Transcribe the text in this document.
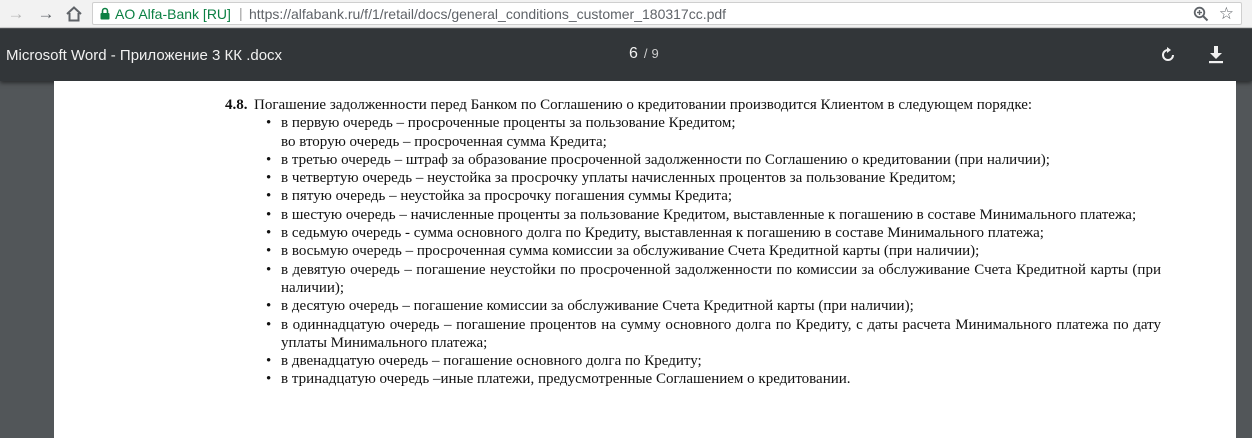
→ ←	AO Alfa-Bank [RU] | https://alfabank.ru/f/1/retail/docs/general_conditions_customer_180317cc.pdf	☆
Microsoft Word - Приложение 3 КК .docx	6 / 9
4.8. Погашение задолженности перед Банком по Соглашению о кредитовании производится Клиентом в следующем порядке:
• в первую очередь – просроченные проценты за пользование Кредитом;
во вторую очередь – просроченная сумма Кредита;
• в третью очередь – штраф за образование просроченной задолженности по Соглашению о кредитовании (при наличии);
• в четвертую очередь – неустойка за просрочку уплаты начисленных процентов за пользование Кредитом;
• в пятую очередь – неустойка за просрочку погашения суммы Кредита;
• в шестую очередь – начисленные проценты за пользование Кредитом, выставленные к погашению в составе Минимального платежа;
• в седьмую очередь - сумма основного долга по Кредиту, выставленная к погашению в составе Минимального платежа;
• в восьмую очередь – просроченная сумма комиссии за обслуживание Счета Кредитной карты (при наличии);
• в девятую очередь – погашение неустойки по просроченной задолженности по комиссии за обслуживание Счета Кредитной карты (при наличии);
• в десятую очередь – погашение комиссии за обслуживание Счета Кредитной карты (при наличии);
• в одиннадцатую очередь – погашение процентов на сумму основного долга по Кредиту, с даты расчета Минимального платежа по дату уплаты Минимального платежа;
• в двенадцатую очередь – погашение основного долга по Кредиту;
• в тринадцатую очередь –иные платежи, предусмотренные Соглашением о кредитовании.
